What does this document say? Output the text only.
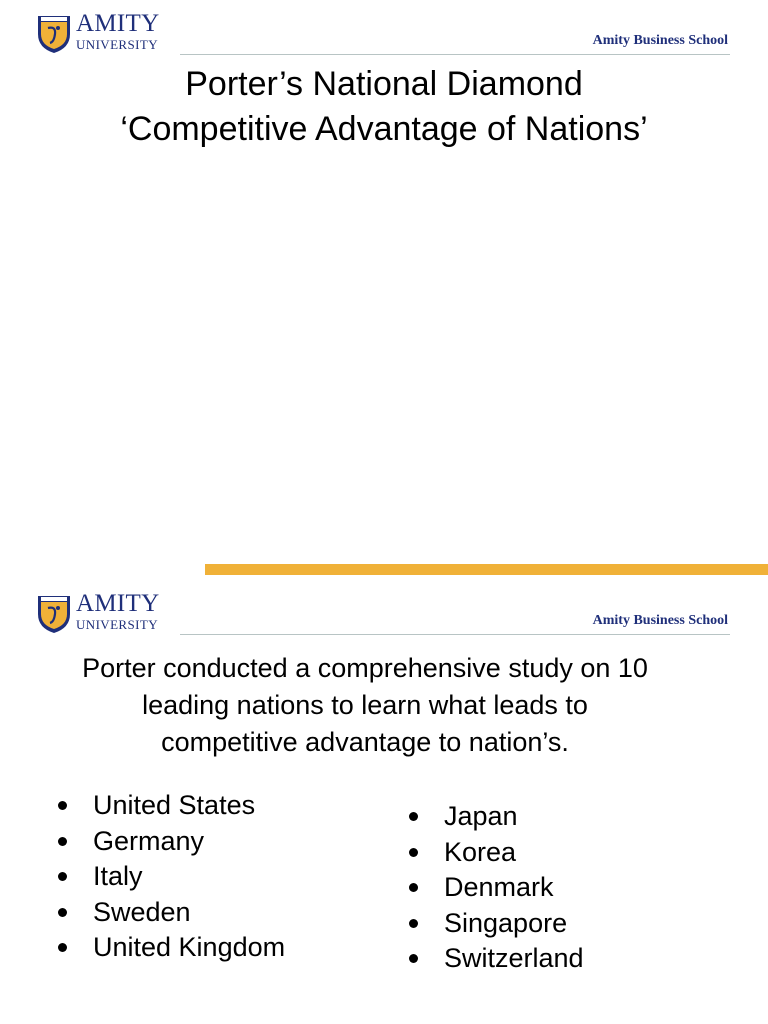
AMITY
UNIVERSITY	Amity Business School
Porter’s National Diamond
‘Competitive Advantage of Nations’
AMITY
UNIVERSITY	Amity Business School
Porter conducted a comprehensive study on 10
leading nations to learn what leads to
competitive advantage to nation’s.
United States
Germany
Italy
Sweden
United Kingdom
Japan
Korea
Denmark
Singapore
Switzerland
